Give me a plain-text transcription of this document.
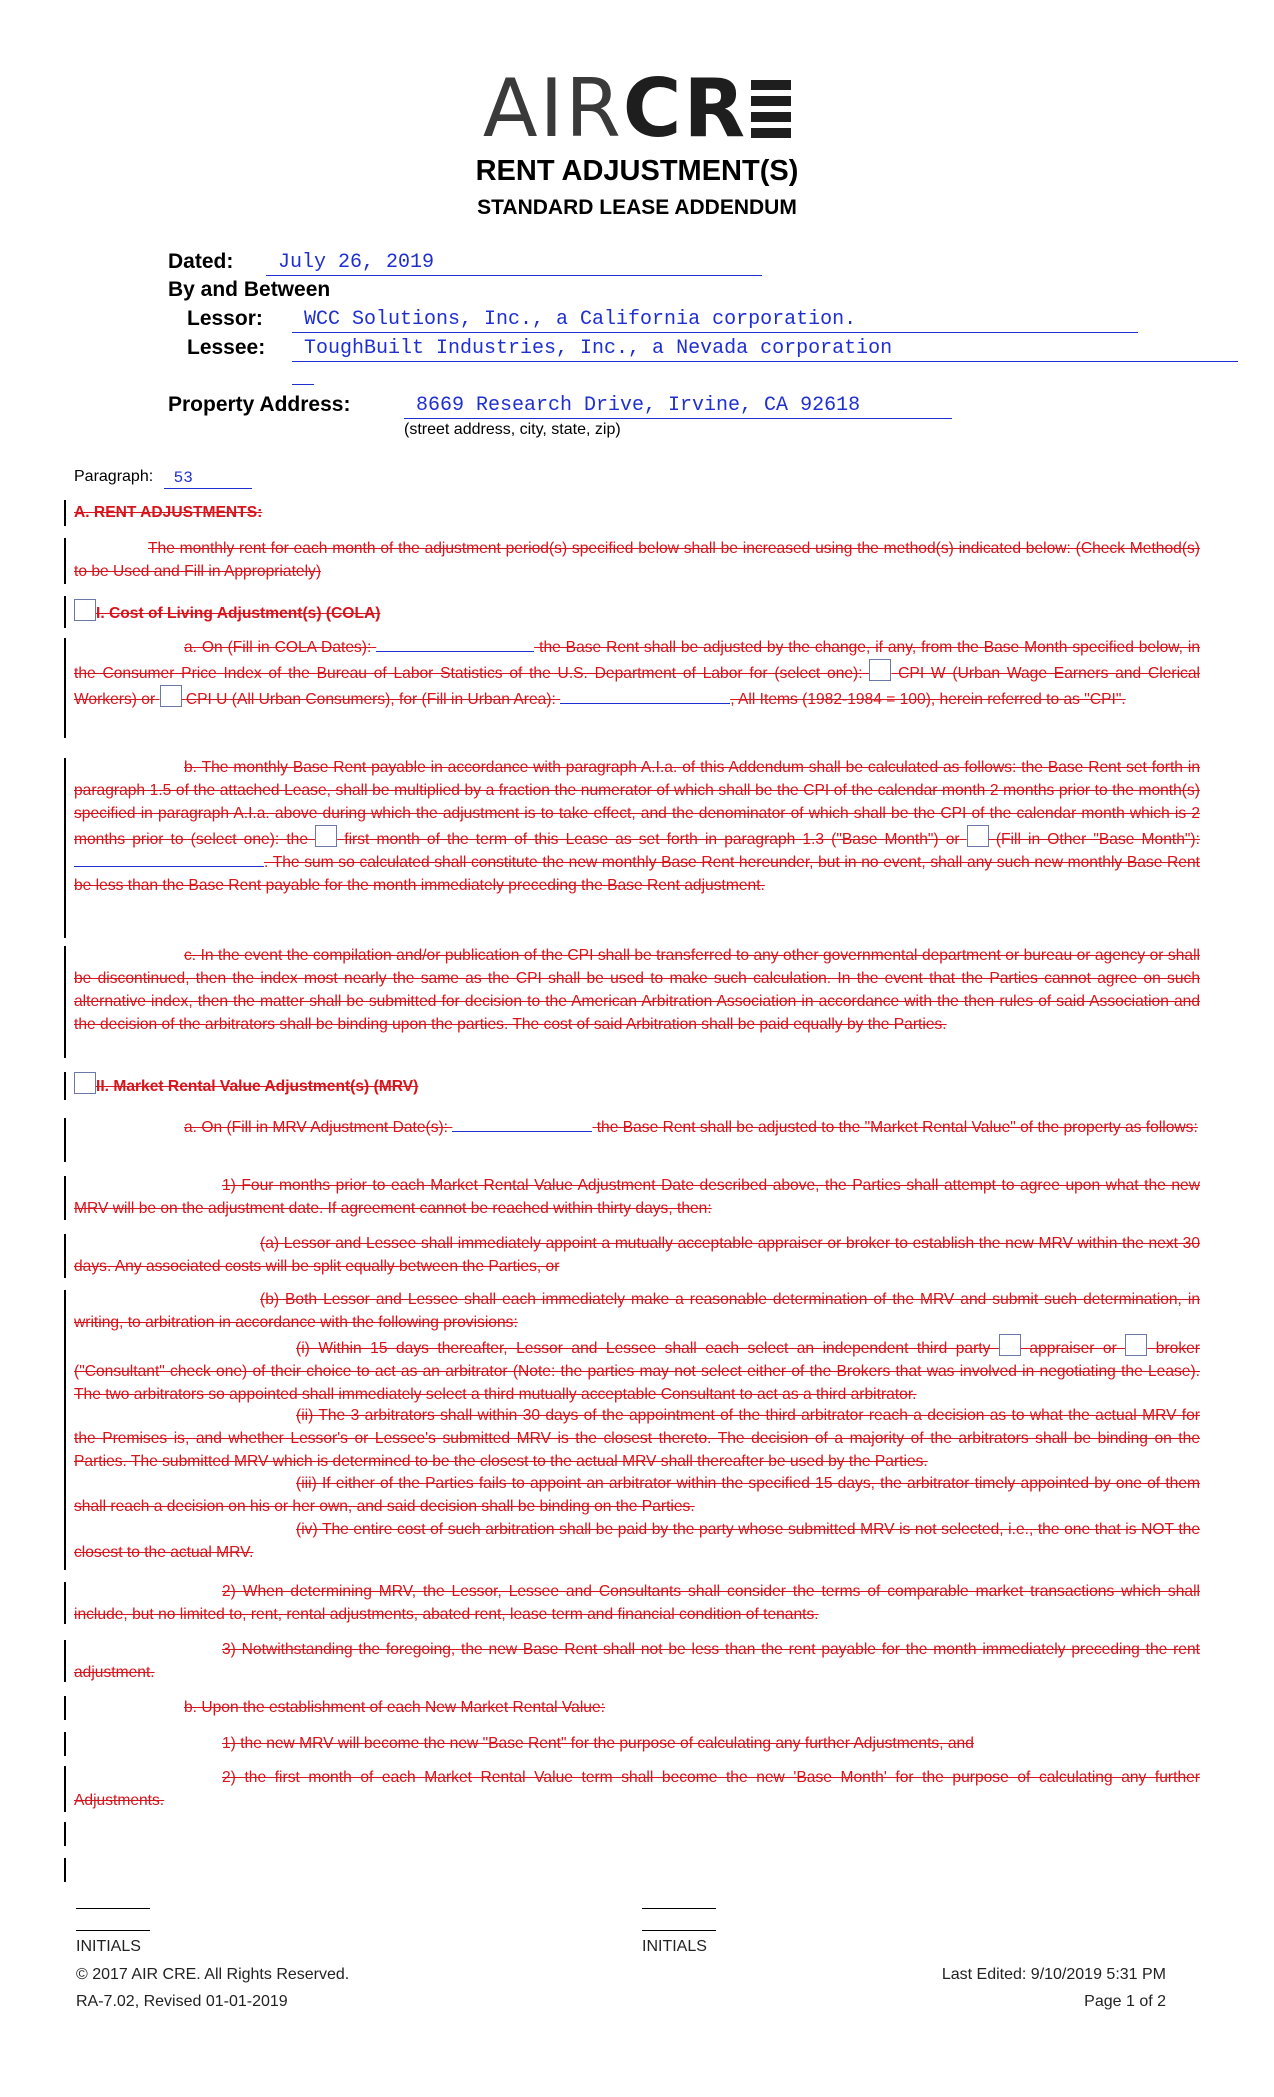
AIRCR
RENT ADJUSTMENT(S)
STANDARD LEASE ADDENDUM
Dated: July 26, 2019
By and Between
Lessor: WCC Solutions, Inc., a California corporation.
Lessee: ToughBuilt Industries, Inc., a Nevada corporation

Property Address:	8669 Research Drive, Irvine, CA 92618
(street address, city, state, zip)
Paragraph: 53
A. RENT ADJUSTMENTS:
The monthly rent for each month of the adjustment period(s) specified below shall be increased using the method(s) indicated below: (Check Method(s) to be Used and Fill in Appropriately)
I. Cost of Living Adjustment(s) (COLA)
a. On (Fill in COLA Dates):	the Base Rent shall be adjusted by the change, if any, from the Base Month specified below, in the Consumer Price Index of the Bureau of Labor Statistics of the U.S. Department of Labor for (select one): CPI W (Urban Wage Earners and Clerical Workers) or CPI U (All Urban Consumers), for (Fill in Urban Area):	, All Items (1982-1984 = 100), herein referred to as "CPI".
b. The monthly Base Rent payable in accordance with paragraph A.I.a. of this Addendum shall be calculated as follows: the Base Rent set forth in paragraph 1.5 of the attached Lease, shall be multiplied by a fraction the numerator of which shall be the CPI of the calendar month 2 months prior to the month(s) specified in paragraph A.I.a. above during which the adjustment is to take effect, and the denominator of which shall be the CPI of the calendar month which is 2 months prior to (select one): the first month of the term of this Lease as set forth in paragraph 1.3 ("Base Month") or (Fill in Other "Base Month"): . The sum so calculated shall constitute the new monthly Base Rent hereunder, but in no event, shall any such new monthly Base Rent be less than the Base Rent payable for the month immediately preceding the Base Rent adjustment.
c. In the event the compilation and/or publication of the CPI shall be transferred to any other governmental department or bureau or agency or shall be discontinued, then the index most nearly the same as the CPI shall be used to make such calculation. In the event that the Parties cannot agree on such alternative index, then the matter shall be submitted for decision to the American Arbitration Association in accordance with the then rules of said Association and the decision of the arbitrators shall be binding upon the parties. The cost of said Arbitration shall be paid equally by the Parties.
II. Market Rental Value Adjustment(s) (MRV)
a. On (Fill in MRV Adjustment Date(s):	the Base Rent shall be adjusted to the "Market Rental Value" of the property as follows:
1) Four months prior to each Market Rental Value Adjustment Date described above, the Parties shall attempt to agree upon what the new MRV will be on the adjustment date. If agreement cannot be reached within thirty days, then:
(a) Lessor and Lessee shall immediately appoint a mutually acceptable appraiser or broker to establish the new MRV within the next 30 days. Any associated costs will be split equally between the Parties, or
(b) Both Lessor and Lessee shall each immediately make a reasonable determination of the MRV and submit such determination, in writing, to arbitration in accordance with the following provisions:
(i) Within 15 days thereafter, Lessor and Lessee shall each select an independent third party	appraiser or	broker ("Consultant" check one) of their choice to act as an arbitrator (Note: the parties may not select either of the Brokers that was involved in negotiating the Lease). The two arbitrators so appointed shall immediately select a third mutually acceptable Consultant to act as a third arbitrator.
(ii) The 3 arbitrators shall within 30 days of the appointment of the third arbitrator reach a decision as to what the actual MRV for the Premises is, and whether Lessor's or Lessee's submitted MRV is the closest thereto. The decision of a majority of the arbitrators shall be binding on the Parties. The submitted MRV which is determined to be the closest to the actual MRV shall thereafter be used by the Parties.
(iii) If either of the Parties fails to appoint an arbitrator within the specified 15 days, the arbitrator timely appointed by one of them shall reach a decision on his or her own, and said decision shall be binding on the Parties.
(iv) The entire cost of such arbitration shall be paid by the party whose submitted MRV is not selected, i.e., the one that is NOT the closest to the actual MRV.
2) When determining MRV, the Lessor, Lessee and Consultants shall consider the terms of comparable market transactions which shall include, but no limited to, rent, rental adjustments, abated rent, lease term and financial condition of tenants.
3) Notwithstanding the foregoing, the new Base Rent shall not be less than the rent payable for the month immediately preceding the rent adjustment.
b. Upon the establishment of each New Market Rental Value:
1) the new MRV will become the new "Base Rent" for the purpose of calculating any further Adjustments, and
2) the first month of each Market Rental Value term shall become the new 'Base Month' for the purpose of calculating any further Adjustments.
INITIALS	INITIALS
© 2017 AIR CRE. All Rights Reserved.
RA-7.02, Revised 01-01-2019
Last Edited: 9/10/2019 5:31 PM
Page 1 of 2
